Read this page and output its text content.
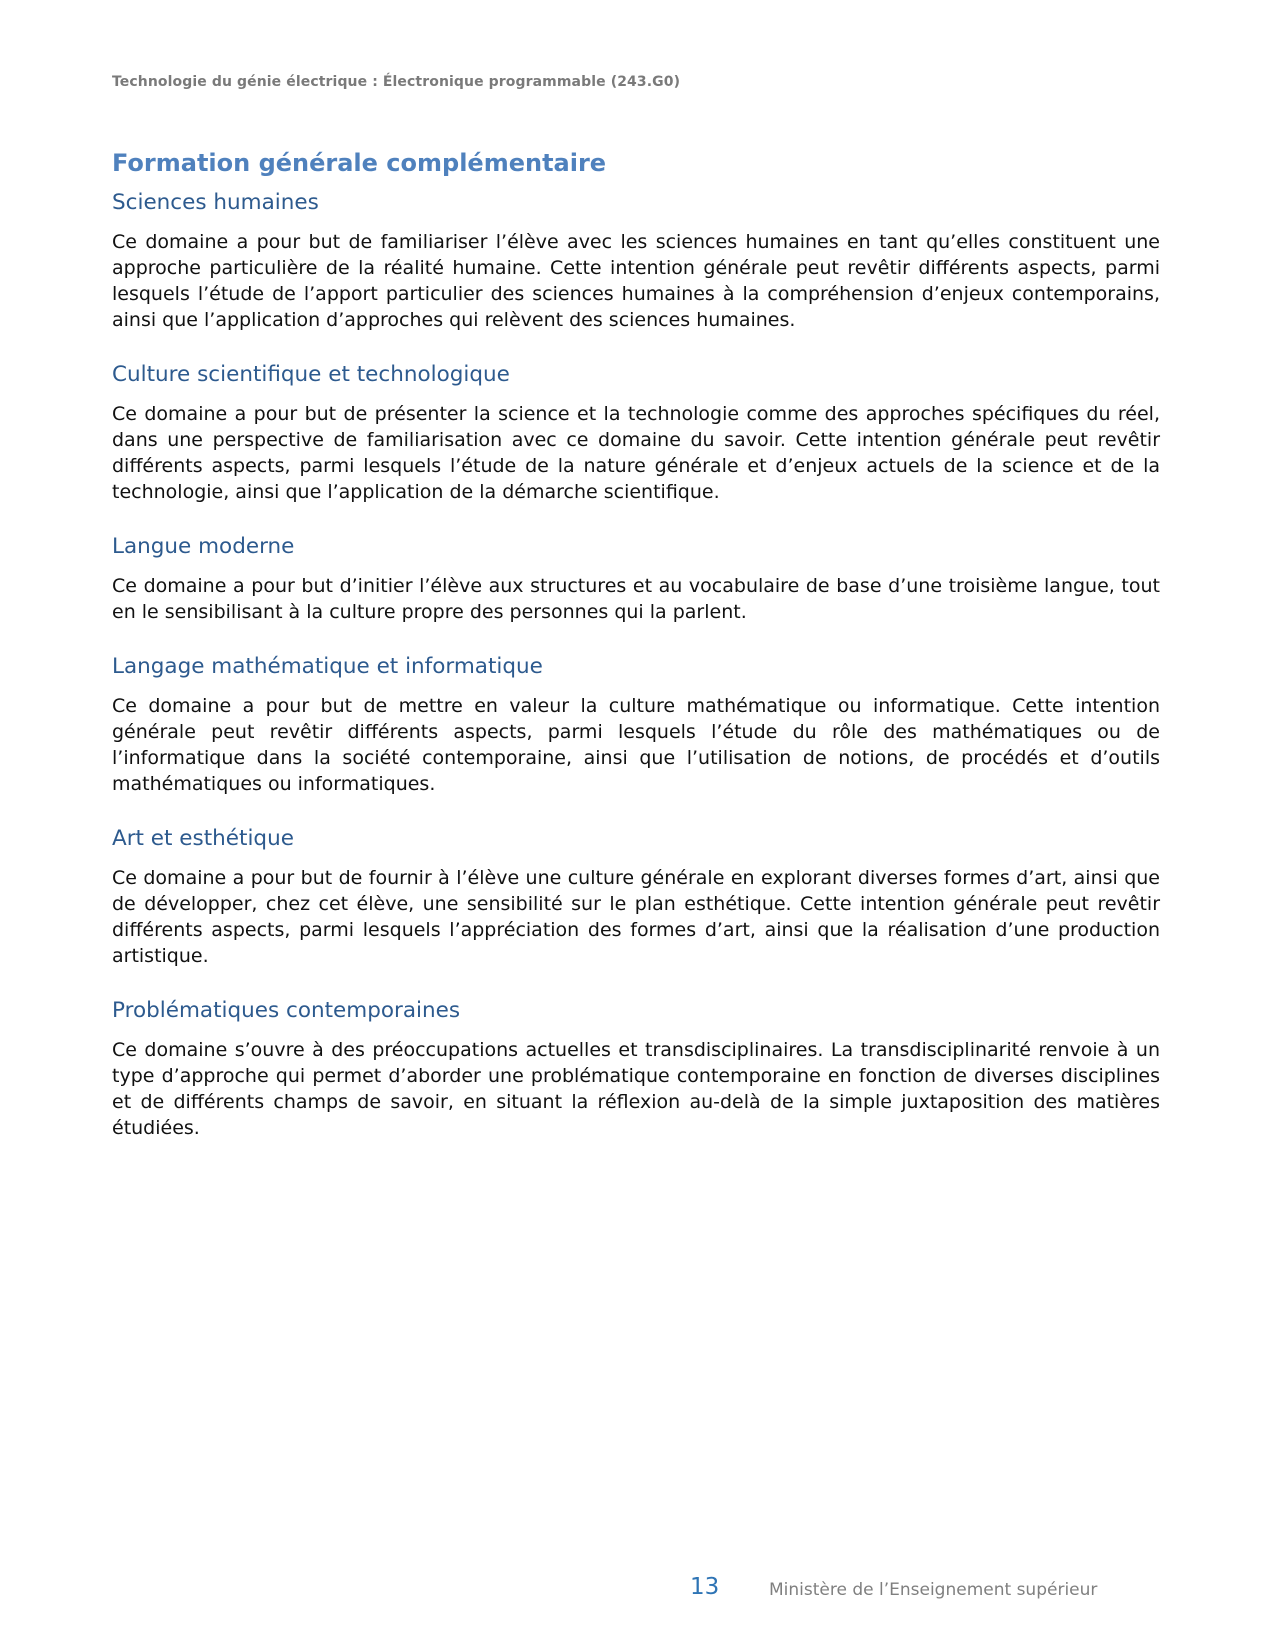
Technologie du génie électrique : Électronique programmable (243.G0)
Formation générale complémentaire
Sciences humaines

Ce domaine a pour but de familiariser l’élève avec les sciences humaines en tant qu’elles constituent une approche particulière de la réalité humaine. Cette intention générale peut revêtir différents aspects, parmi lesquels l’étude de l’apport particulier des sciences humaines à la compréhension d’enjeux contemporains, ainsi que l’application d’approches qui relèvent des sciences humaines.

Culture scientifique et technologique

Ce domaine a pour but de présenter la science et la technologie comme des approches spécifiques du réel, dans une perspective de familiarisation avec ce domaine du savoir. Cette intention générale peut revêtir différents aspects, parmi lesquels l’étude de la nature générale et d’enjeux actuels de la science et de la technologie, ainsi que l’application de la démarche scientifique.

Langue moderne

Ce domaine a pour but d’initier l’élève aux structures et au vocabulaire de base d’une troisième langue, tout en le sensibilisant à la culture propre des personnes qui la parlent.

Langage mathématique et informatique

Ce domaine a pour but de mettre en valeur la culture mathématique ou informatique. Cette intention générale peut revêtir différents aspects, parmi lesquels l’étude du rôle des mathématiques ou de l’informatique dans la société contemporaine, ainsi que l’utilisation de notions, de procédés et d’outils mathématiques ou informatiques.

Art et esthétique

Ce domaine a pour but de fournir à l’élève une culture générale en explorant diverses formes d’art, ainsi que de développer, chez cet élève, une sensibilité sur le plan esthétique. Cette intention générale peut revêtir différents aspects, parmi lesquels l’appréciation des formes d’art, ainsi que la réalisation d’une production artistique.

Problématiques contemporaines

Ce domaine s’ouvre à des préoccupations actuelles et transdisciplinaires. La transdisciplinarité renvoie à un type d’approche qui permet d’aborder une problématique contemporaine en fonction de diverses disciplines et de différents champs de savoir, en situant la réflexion au-delà de la simple juxtaposition des matières étudiées.

13	Ministère de l’Enseignement supérieur
